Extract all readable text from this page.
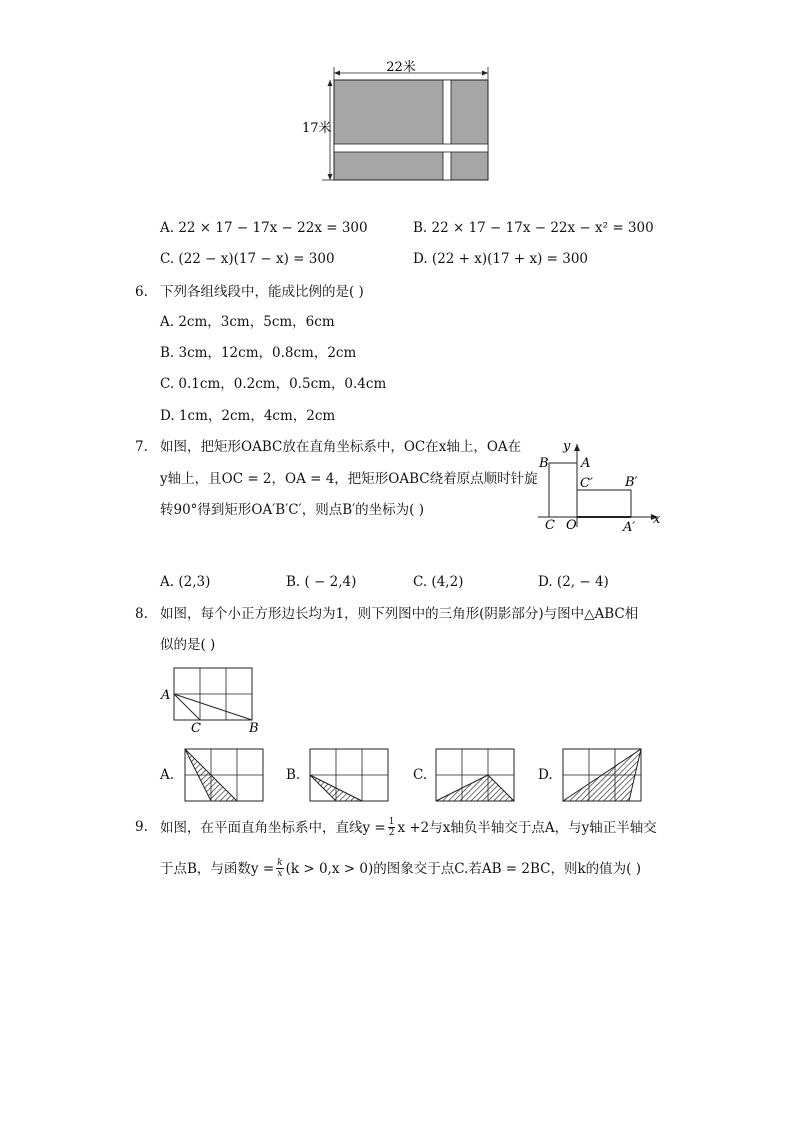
22米
17米
A. 22 × 17 − 17x − 22x = 300	B. 22 × 17 − 17x − 22x − x² = 300
C. (22 − x)(17 − x) = 300	D. (22 + x)(17 + x) = 300
6. 下列各组线段中，能成比例的是( )
A. 2cm，3cm，5cm，6cm
B. 3cm，12cm，0.8cm，2cm
C. 0.1cm，0.2cm，0.5cm，0.4cm
D. 1cm，2cm，4cm，2cm
7. 如图，把矩形OABC放在直角坐标系中，OC在x轴上，OA在
y轴上，且OC = 2，OA = 4，把矩形OABC绕着原点顺时针旋
转90°得到矩形OA′B′C′，则点B′的坐标为( )
y
x
B A
C′ B′
C O	A′
A. (2,3)	B. ( − 2,4)	C. (4,2)	D. (2, − 4)
8. 如图，每个小正方形边长均为1，则下列图中的三角形(阴影部分)与图中△ABC相
似的是( )
A
C	B
A.	B.	C.	D.
9. 如图，在平面直角坐标系中，直线$y = \frac{1}{2}$ x +2与x轴负半轴交于点A，与y轴正半轴交
于点B，与函数$y = \frac{k}{x} (k > 0,x > 0)$的图象交于点C.若AB = 2BC，则k的值为( )
